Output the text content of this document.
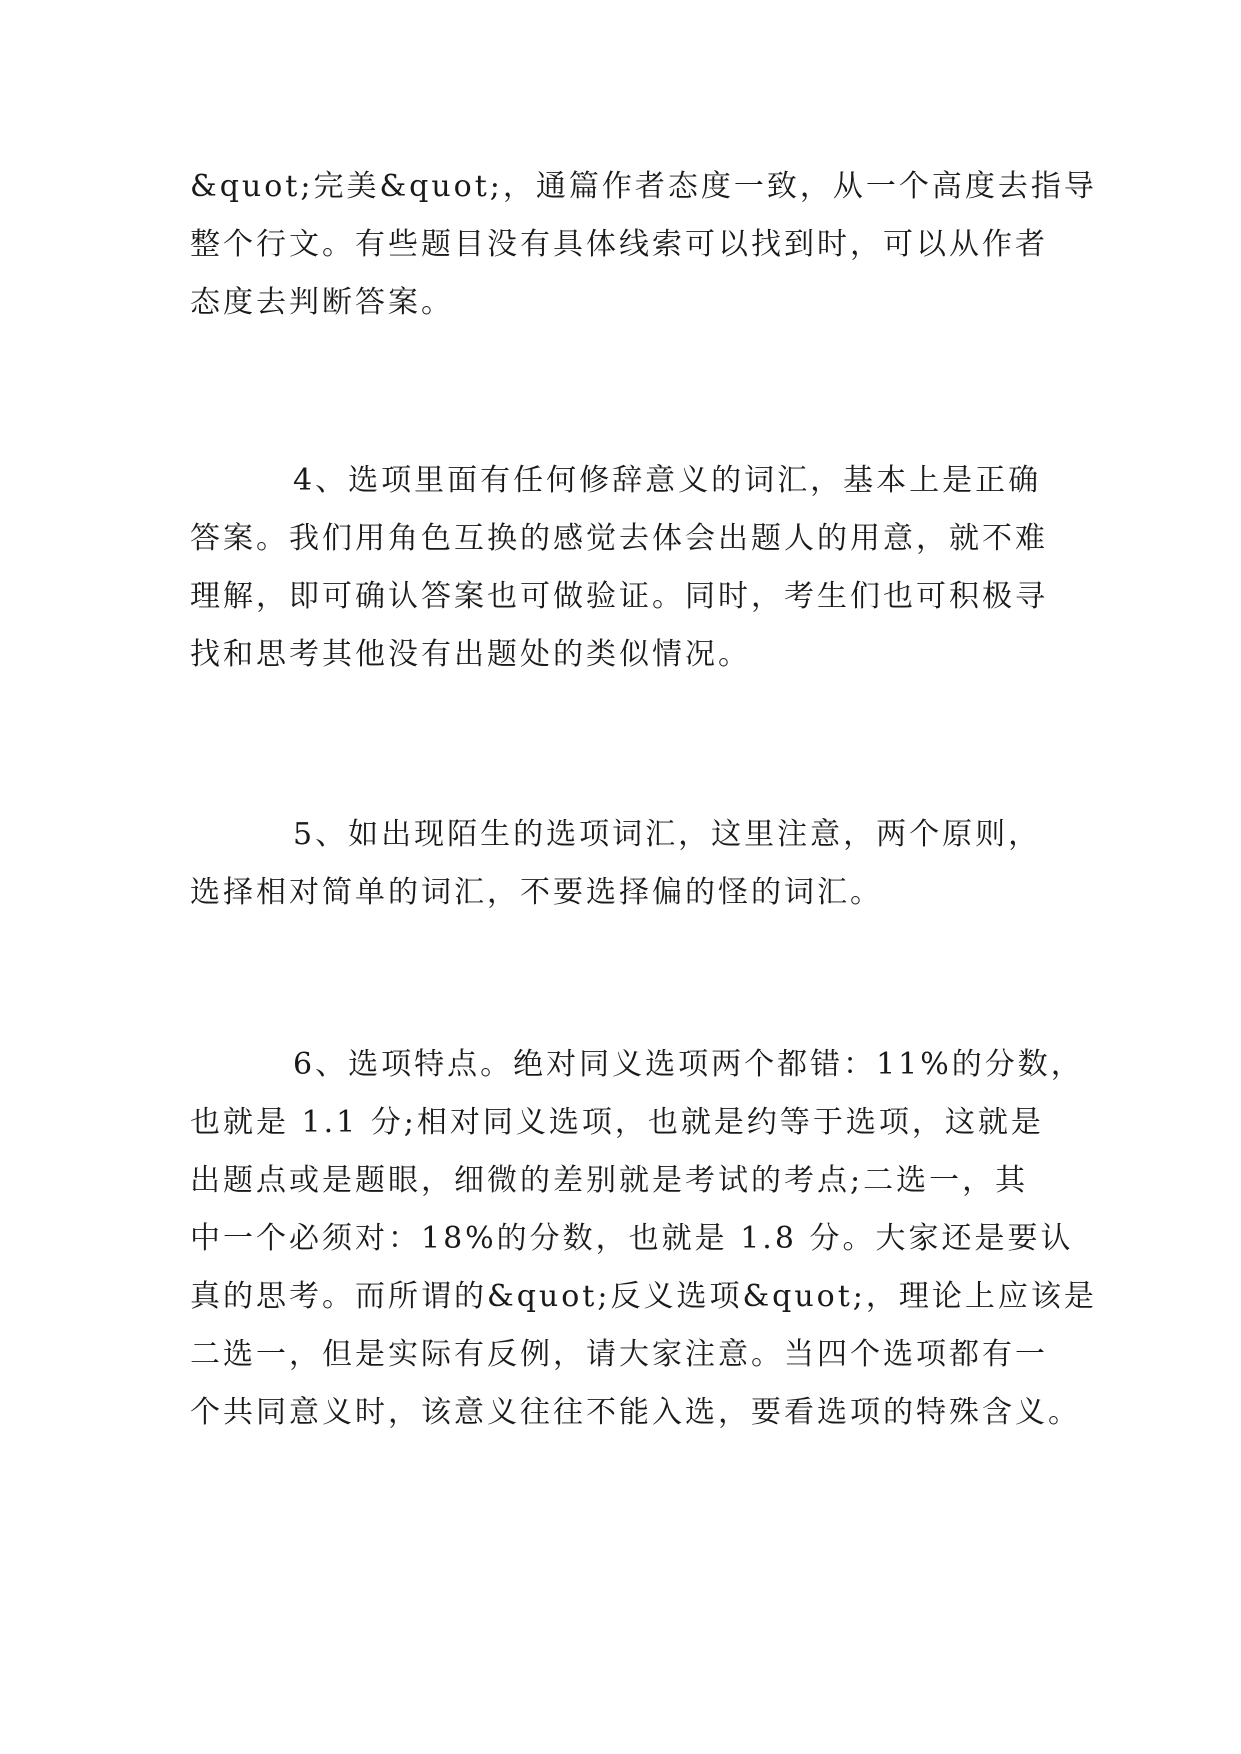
&quot;完美&quot;，通篇作者态度一致，从一个高度去指导
整个行文。有些题目没有具体线索可以找到时，可以从作者
态度去判断答案。
4、选项里面有任何修辞意义的词汇，基本上是正确
答案。我们用角色互换的感觉去体会出题人的用意，就不难
理解，即可确认答案也可做验证。同时，考生们也可积极寻
找和思考其他没有出题处的类似情况。
5、如出现陌生的选项词汇，这里注意，两个原则，
选择相对简单的词汇，不要选择偏的怪的词汇。
6、选项特点。绝对同义选项两个都错：11%的分数，
也就是 1.1 分;相对同义选项，也就是约等于选项，这就是
出题点或是题眼，细微的差别就是考试的考点;二选一，其
中一个必须对：18%的分数，也就是 1.8 分。大家还是要认
真的思考。而所谓的&quot;反义选项&quot;，理论上应该是
二选一，但是实际有反例，请大家注意。当四个选项都有一
个共同意义时，该意义往往不能入选，要看选项的特殊含义。
